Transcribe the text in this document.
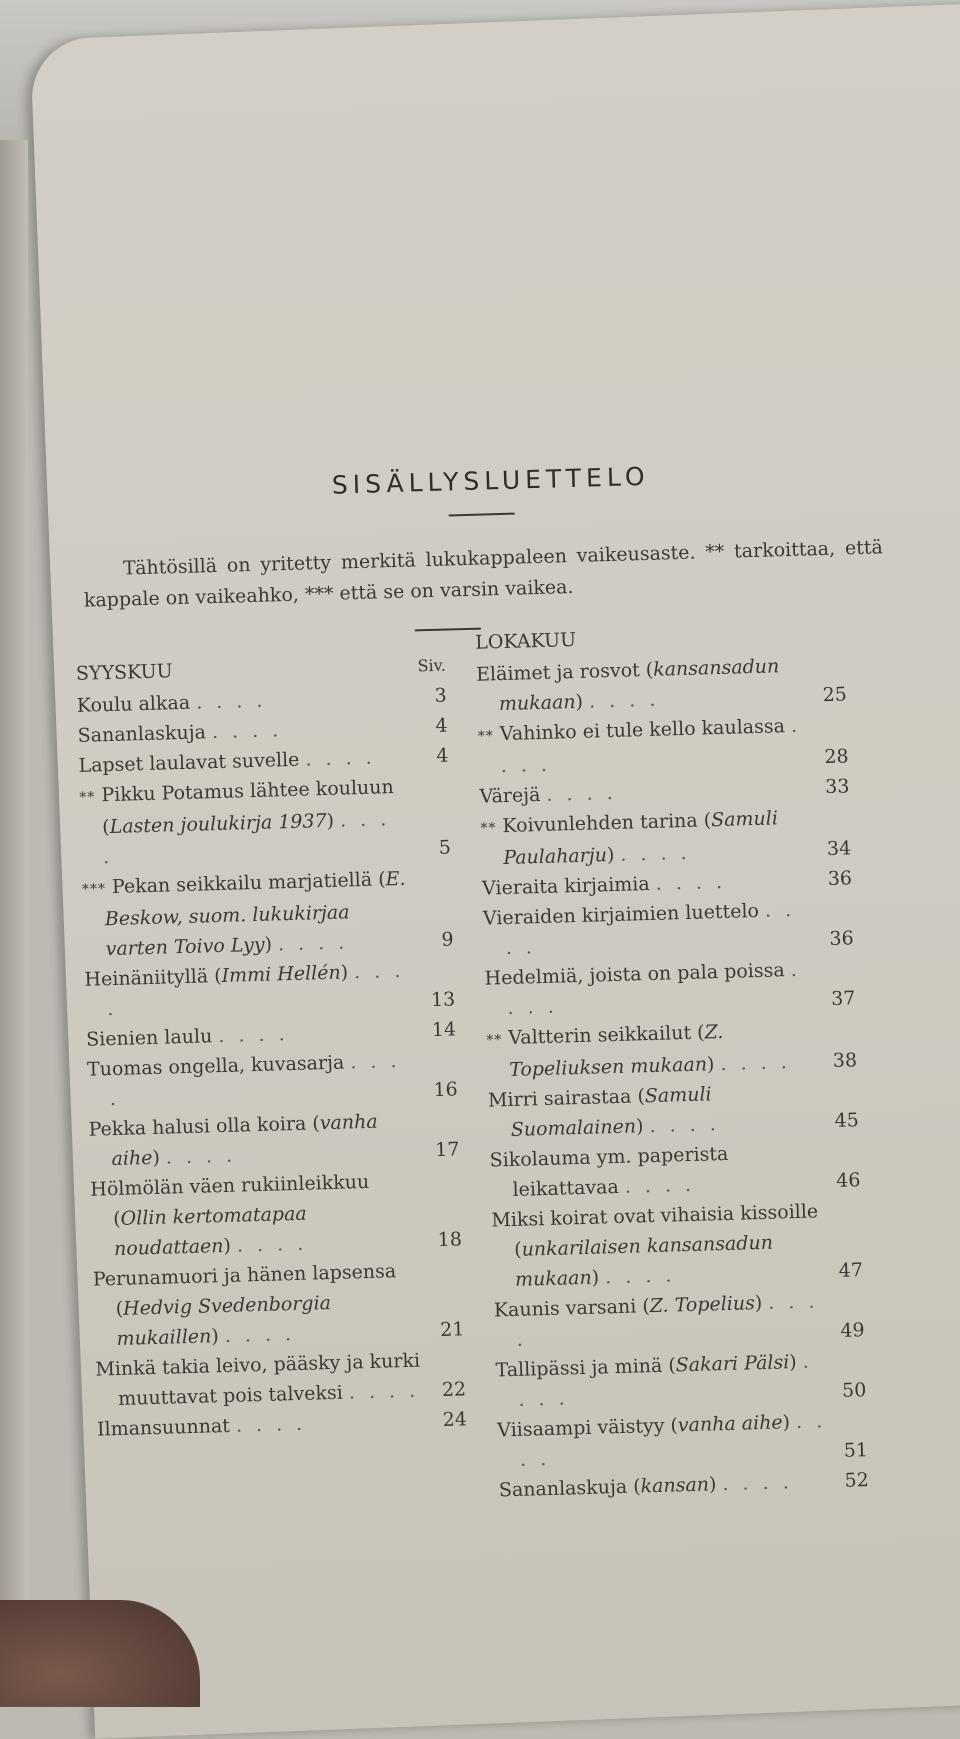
SISÄLLYSLUETTELO
Tähtösillä on yritetty merkitä lukukappaleen vaikeusaste. ** tarkoittaa, että kappale on vaikeahko, *** että se on varsin vaikea.
SYYSKUU	Siv.
Koulu alkaa . . . .	3
Sananlaskuja . . . .	4
Lapset laulavat suvelle . . . .	4
** Pikku Potamus lähtee kouluun (Lasten joulukirja 1937) . . . .	5
*** Pekan seikkailu marjatiellä (E. Beskow, suom. lukukirjaa varten Toivo Lyy) . . . .	9
Heinäniityllä (Immi Hellén) . . . .	13
Sienien laulu . . . .	14
Tuomas ongella, kuvasarja . . . .	16
Pekka halusi olla koira (vanha aihe) . . . .	17
Hölmölän väen rukiinleikkuu (Ollin kertomatapaa noudattaen) . . . .	18
Perunamuori ja hänen lapsensa (Hedvig Svedenborgia mukaillen) . . . .	21
Minkä takia leivo, pääsky ja kurki muuttavat pois talveksi . . . .	22
Ilmansuunnat . . . .	24
LOKAKUU
Eläimet ja rosvot (kansansadun mukaan) . . . .	25
** Vahinko ei tule kello kaulassa . . . .	28
Värejä . . . .	33
** Koivunlehden tarina (Samuli Paulaharju) . . . .	34
Vieraita kirjaimia . . . .	36
Vieraiden kirjaimien luettelo . . . .	36
Hedelmiä, joista on pala poissa . . . .	37
** Valtterin seikkailut (Z. Topeliuksen mukaan) . . . .	38
Mirri sairastaa (Samuli Suomalainen) . . . .	45
Sikolauma ym. paperista leikattavaa . . . .	46
Miksi koirat ovat vihaisia kissoille (unkarilaisen kansansadun mukaan) . . . .	47
Kaunis varsani (Z. Topelius) . . . .	49
Tallipässi ja minä (Sakari Pälsi) . . . .	50
Viisaampi väistyy (vanha aihe) . . . .	51
Sananlaskuja (kansan) . . . .	52
